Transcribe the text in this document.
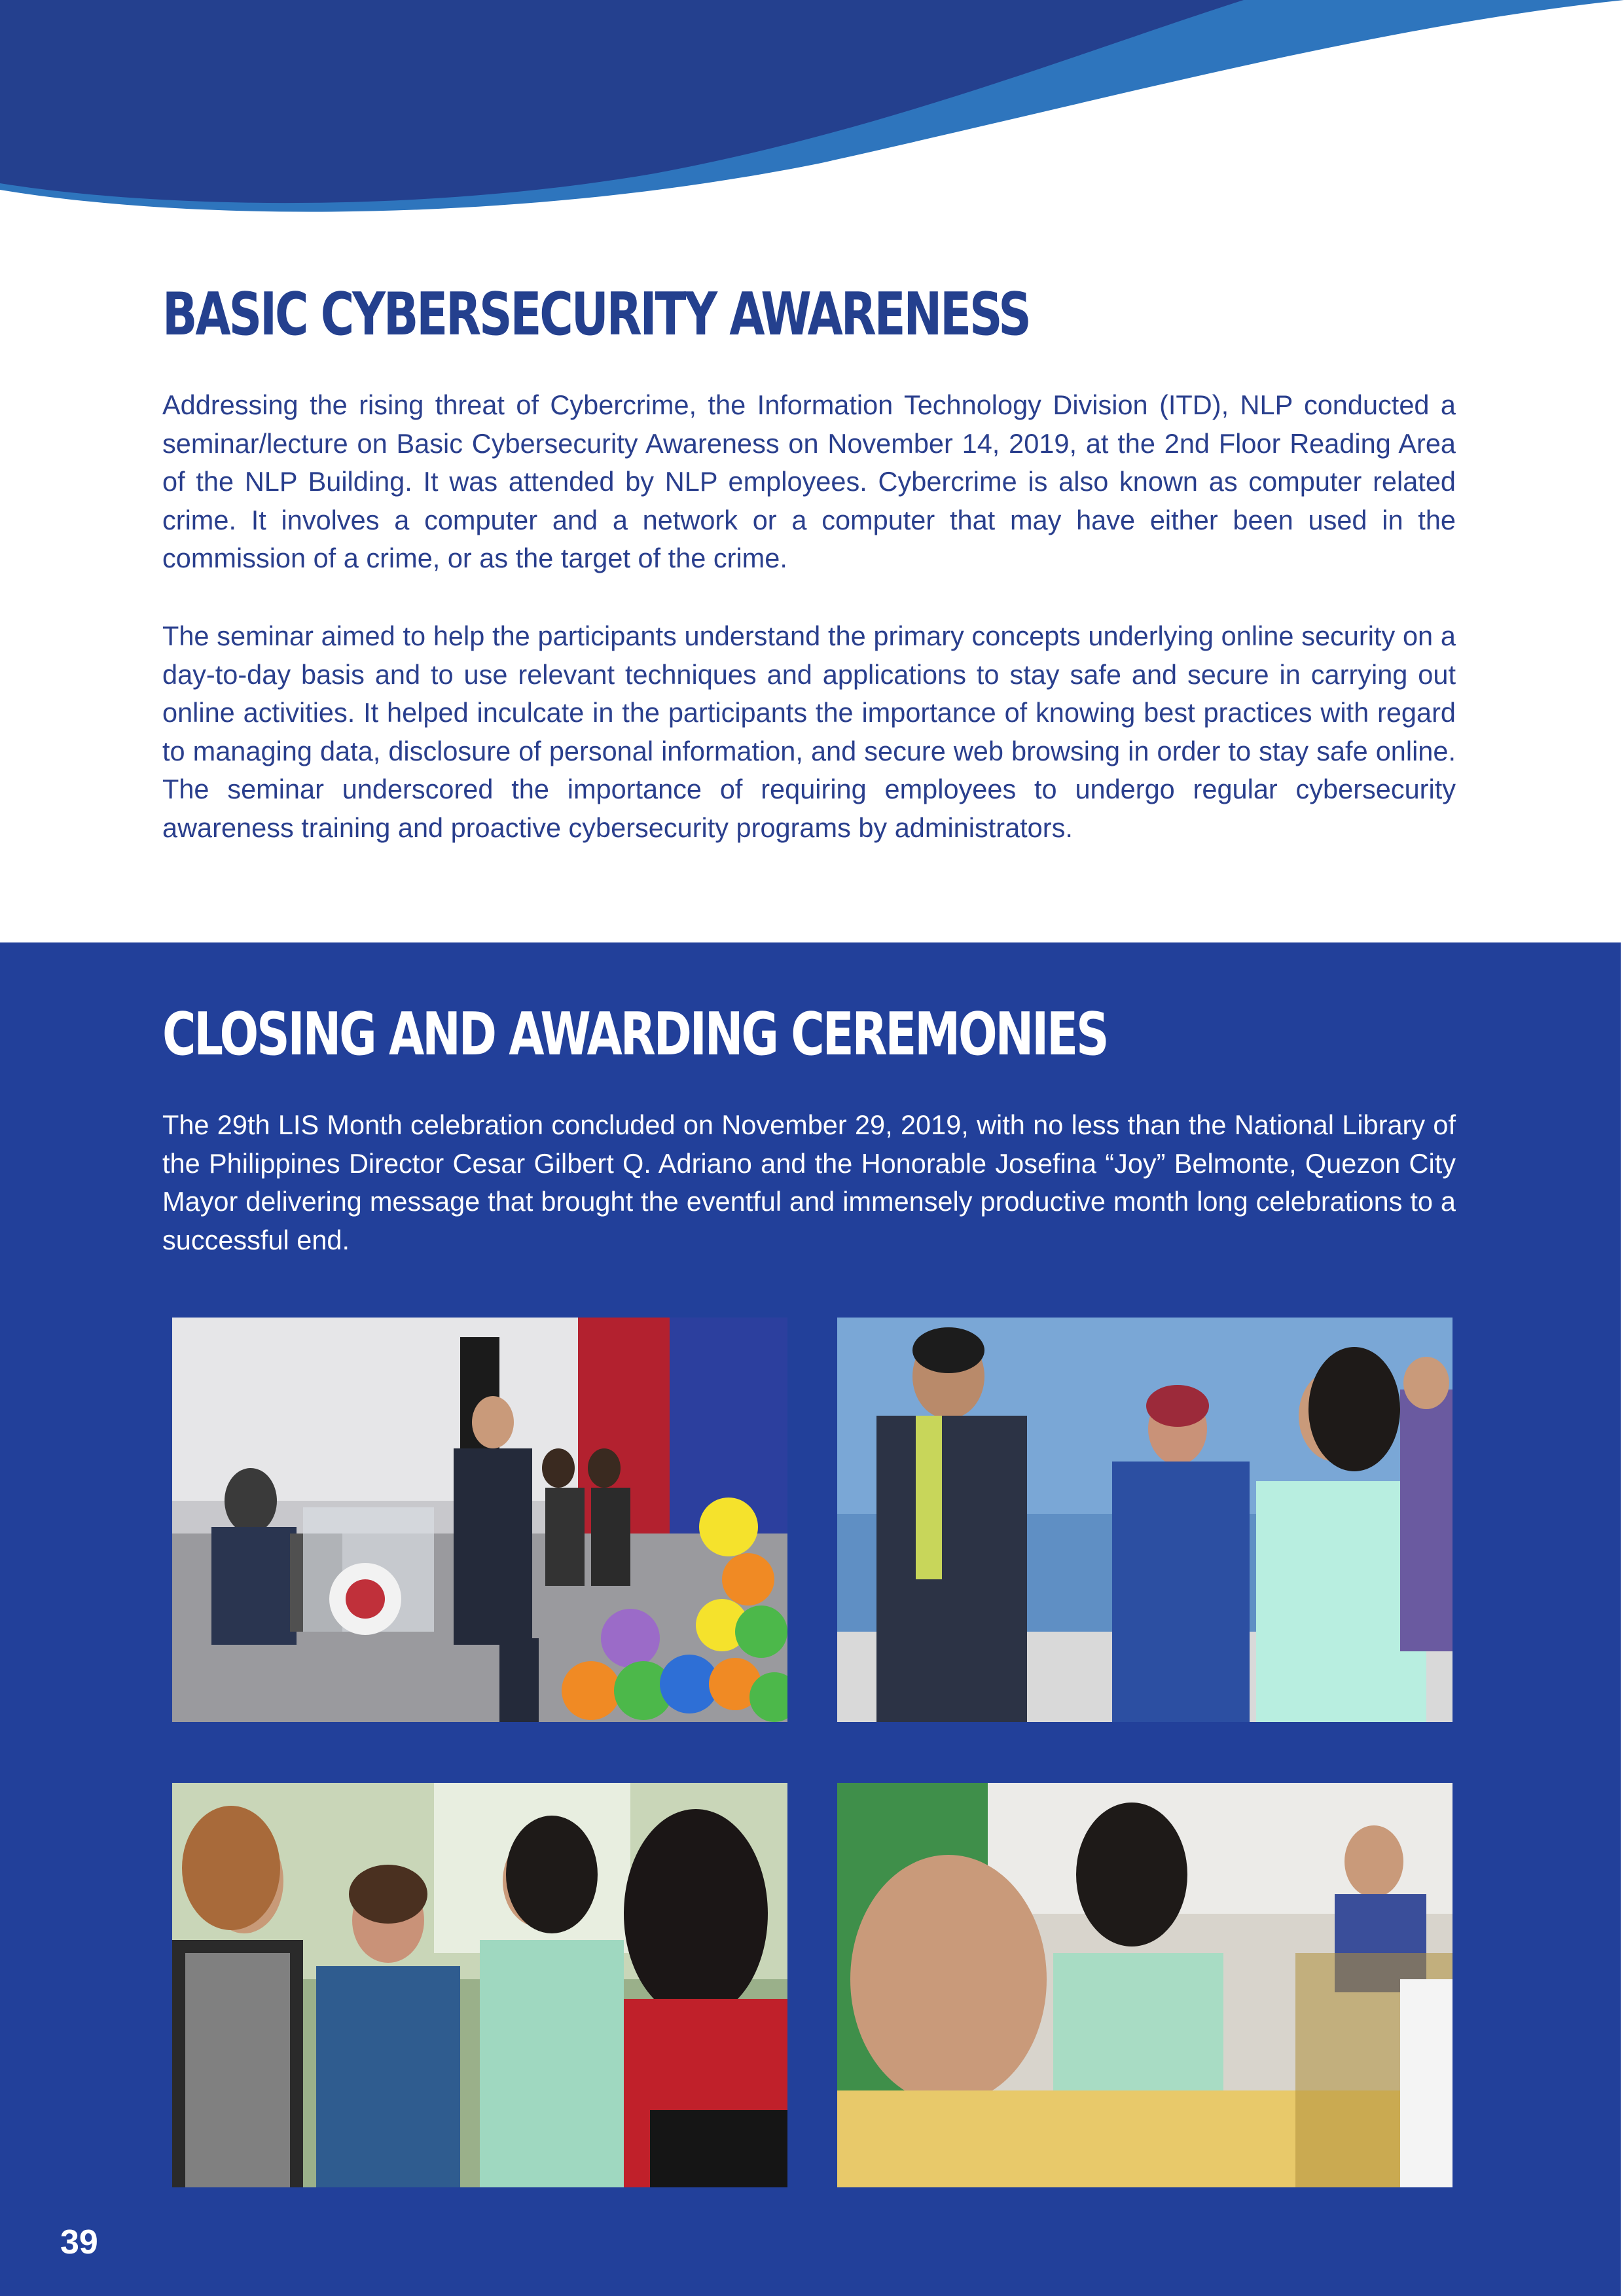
BASIC CYBERSECURITY AWARENESS

Addressing the rising threat of Cybercrime, the Information Technology Division (ITD), NLP conducted a seminar/lecture on Basic Cybersecurity Awareness on November 14, 2019, at the 2nd Floor Reading Area of the NLP Building. It was attended by NLP employees. Cybercrime is also known as computer related crime. It involves a computer and a network or a computer that may have either been used in the commission of a crime, or as the target of the crime.

The seminar aimed to help the participants understand the primary concepts underlying online security on a day-to-day basis and to use relevant techniques and applications to stay safe and secure in carrying out online activities. It helped inculcate in the participants the importance of knowing best practices with regard to managing data, disclosure of personal information, and secure web browsing in order to stay safe online. The seminar underscored the importance of requiring employees to undergo regular cybersecurity awareness training and proactive cybersecurity programs by administrators.

CLOSING AND AWARDING CEREMONIES

The 29th LIS Month celebration concluded on November 29, 2019, with no less than the National Library of the Philippines Director Cesar Gilbert Q. Adriano and the Honorable Josefina “Joy” Belmonte, Quezon City Mayor delivering message that brought the eventful and immensely productive month long celebrations to a successful end.

39
